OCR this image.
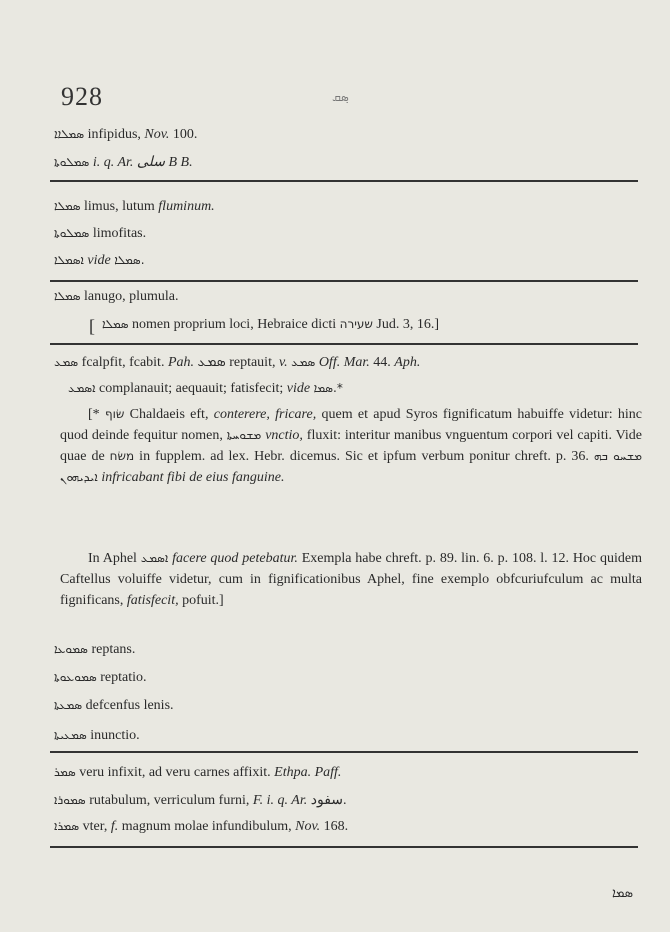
928	ܣ݂ܩ
ܣܡܠܐܐ infipidus, Nov. 100.
ܣܡܠܘܬܐ i. q. Ar. سلی B B.
ܣܡܠܐ limus, lutum fluminum.
ܣܡܠܘܬܐ limofitas.
ܐܣܡܠܐ vide ܣܡܠܐ.
ܣܡܠܐ lanugo, plumula.
[ ܣܡܠܐ nomen proprium loci, Hebraice dicti שעירה Jud. 3, 16.]
ܣܡܥ fcalpfit, fcabit. Pah. ܣܡܥ reptauit, v. ܣܡܥ Off. Mar. 44. Aph.
ܐܣܡܥ complanauit; aequauit; fatisfecit; vide ܣܡܐ.*
[* שׂוף Chaldaeis eft, conterere, fricare, quem et apud Syros fignificatum habuiffe videtur: hinc quod deinde fequitur nomen, ܡܫܘܚܬܐ vnctio, fluxit: interitur manibus vnguentum corpori vel capiti. Vide quae de משׂח in fupplem. ad lex. Hebr. dicemus. Sic et ipfum verbum ponitur chreft. p. 36. ܡܫܚܘ ܒܗ ܐܝܕܝܗܘܢ infricabant fibi de eius fanguine.
In Aphel ܐܣܡܥ facere quod petebatur. Exempla habe chreft. p. 89. lin. 6. p. 108. l. 12. Hoc quidem Caftellus voluiffe videtur, cum in fignificationibus Aphel, fine exemplo obfcuriufculum ac multa fignificans, fatisfecit, pofuit.]
ܣܡܘܥܐ reptans.
ܣܡܘܥܘܬܐ reptatio.
ܣܡܥܬܐ defcenfus lenis.
ܣܡܥܝܬܐ inunctio.
ܣܡܪ veru infixit, ad veru carnes affixit. Ethpa. Paff.
ܣܡܘܪܐ rutabulum, verriculum furni, F. i. q. Ar. سفود.
ܣܡܪܐ vter, f. magnum molae infundibulum, Nov. 168.
ܣܡܐ
